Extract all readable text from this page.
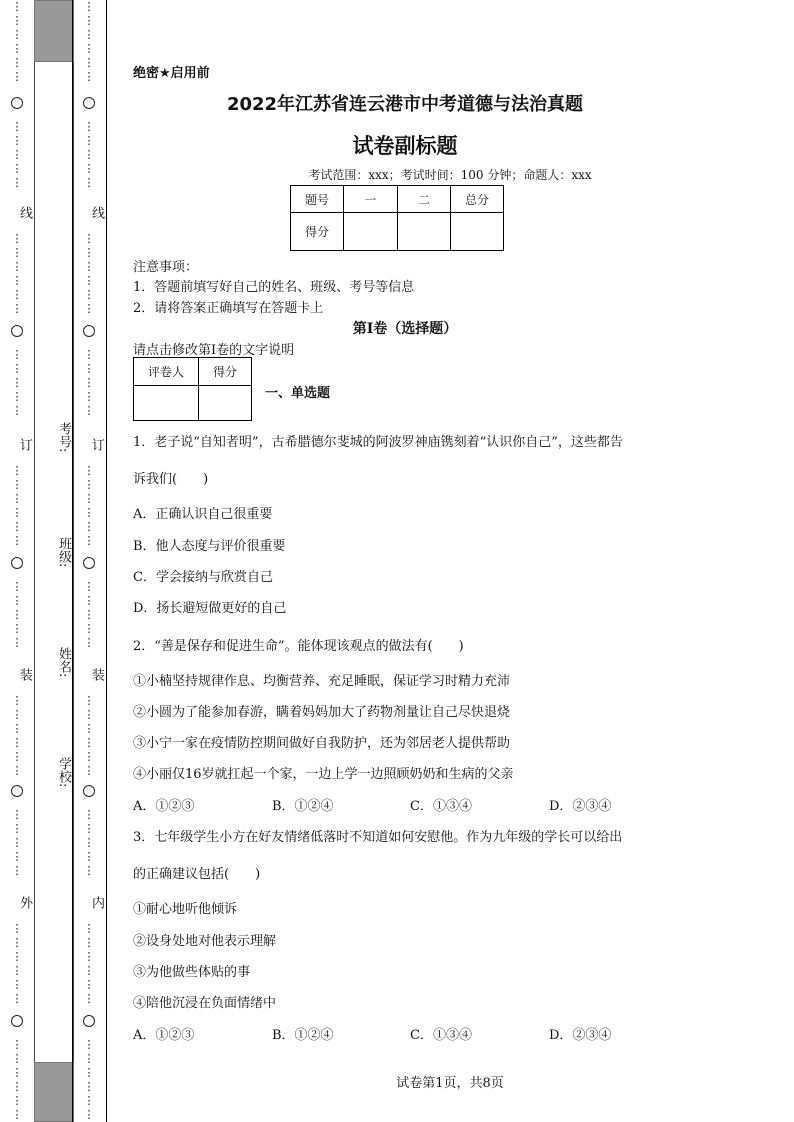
⋮
⋮
⋮
⋮
⋮
⋮
⋮
⋮
⋮
⋮
⋮
线
⋮
⋮
⋮
⋮
⋮
⋮
⋮
⋮
⋮
⋮
⋮
订
⋮
⋮
⋮
⋮
⋮
⋮
⋮
⋮
⋮
⋮
⋮
装
⋮
⋮
⋮
⋮
⋮
⋮
⋮
⋮
⋮
⋮
⋮
外
⋮
⋮
⋮
⋮
⋮
⋮
⋮
⋮
⋮
⋮
⋮
⋮
考号:
班级:
姓名:
学校:
⋮
⋮
⋮
⋮
⋮
⋮
⋮
⋮
⋮
⋮
⋮
线
⋮
⋮
⋮
⋮
⋮
⋮
⋮
⋮
⋮
⋮
⋮
订
⋮
⋮
⋮
⋮
⋮
⋮
⋮
⋮
⋮
⋮
⋮
装
⋮
⋮
⋮
⋮
⋮
⋮
⋮
⋮
⋮
⋮
⋮
内
⋮
⋮
⋮
⋮
⋮
⋮
⋮
⋮
⋮
⋮
⋮
⋮
绝密★启用前
2022年江苏省连云港市中考道德与法治真题
试卷副标题
考试范围：xxx；考试时间：100 分钟；命题人：xxx
题号	一	二	总分
得分			
注意事项：
1．答题前填写好自己的姓名、班级、考号等信息
2．请将答案正确填写在答题卡上
第I卷（选择题）
请点击修改第I卷的文字说明
评卷人	得分

一、单选题
1．老子说“自知者明”，古希腊德尔斐城的阿波罗神庙镌刻着“认识你自己”，这些都告
诉我们(　　)
A．正确认识自己很重要
B．他人态度与评价很重要
C．学会接纳与欣赏自己
D．扬长避短做更好的自己
2．“善是保存和促进生命”。能体现该观点的做法有(　　)
①小楠坚持规律作息、均衡营养、充足睡眠，保证学习时精力充沛
②小圆为了能参加春游，瞒着妈妈加大了药物剂量让自己尽快退烧
③小宁一家在疫情防控期间做好自我防护，还为邻居老人提供帮助
④小丽仅16岁就扛起一个家，一边上学一边照顾奶奶和生病的父亲
A．①②③	B．①②④	C．①③④	D．②③④
3．七年级学生小方在好友情绪低落时不知道如何安慰他。作为九年级的学长可以给出
的正确建议包括(　　)
①耐心地听他倾诉
②设身处地对他表示理解
③为他做些体贴的事
④陪他沉浸在负面情绪中
A．①②③	B．①②④	C．①③④	D．②③④
试卷第1页，共8页
